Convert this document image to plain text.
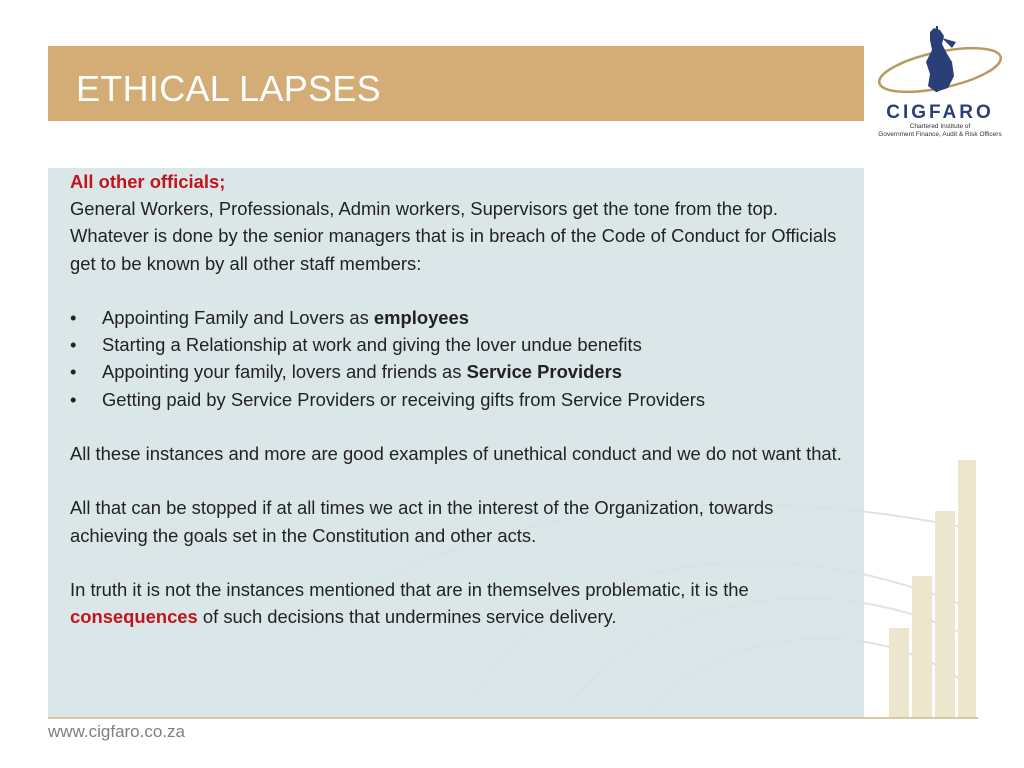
ETHICAL LAPSES
CIGFARO
Chartered Institute of
Government Finance, Audit & Risk Officers

All other officials;

General Workers, Professionals, Admin workers, Supervisors get the tone from the top. Whatever is done by the senior managers that is in breach of the Code of Conduct for Officials get to be known by all other staff members:

• Appointing Family and Lovers as employees
• Starting a Relationship at work and giving the lover undue benefits
• Appointing your family, lovers and friends as Service Providers
• Getting paid by Service Providers or receiving gifts from Service Providers

All these instances and more are good examples of unethical conduct and we do not want that.

All that can be stopped if at all times we act in the interest of the Organization, towards achieving the goals set in the Constitution and other acts.

In truth it is not the instances mentioned that are in themselves problematic, it is the consequences of such decisions that undermines service delivery.

www.cigfaro.co.za
